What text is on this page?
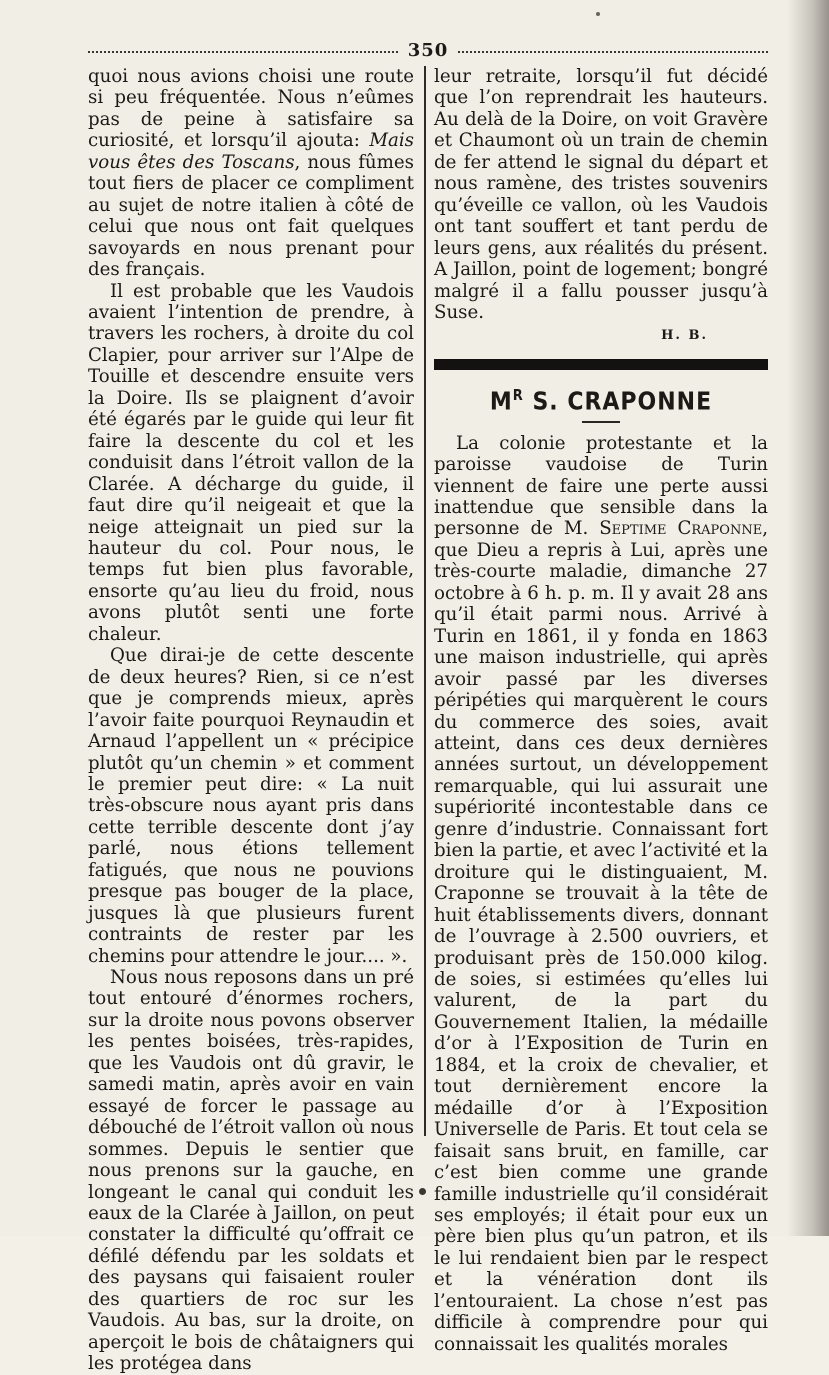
350

quoi nous avions choisi une route si peu fréquentée. Nous n’eûmes pas de peine à satisfaire sa curiosité, et lorsqu’il ajouta: Mais vous êtes des Toscans, nous fûmes tout fiers de placer ce compliment au sujet de notre italien à côté de celui que nous ont fait quelques savoyards en nous prenant pour des français.

Il est probable que les Vaudois avaient l’intention de prendre, à travers les rochers, à droite du col Clapier, pour arriver sur l’Alpe de Touille et descendre ensuite vers la Doire. Ils se plaignent d’avoir été égarés par le guide qui leur fit faire la descente du col et les conduisit dans l’étroit vallon de la Clarée. A décharge du guide, il faut dire qu’il neigeait et que la neige atteignait un pied sur la hauteur du col. Pour nous, le temps fut bien plus favorable, ensorte qu’au lieu du froid, nous avons plutôt senti une forte chaleur.

Que dirai-je de cette descente de deux heures? Rien, si ce n’est que je comprends mieux, après l’avoir faite pourquoi Reynaudin et Arnaud l’appellent un « précipice plutôt qu’un chemin » et comment le premier peut dire: « La nuit très-obscure nous ayant pris dans cette terrible descente dont j’ay parlé, nous étions tellement fatigués, que nous ne pouvions presque pas bouger de la place, jusques là que plusieurs furent contraints de rester par les chemins pour attendre le jour.... ».

Nous nous reposons dans un pré tout entouré d’énormes rochers, sur la droite nous povons observer les pentes boisées, très-rapides, que les Vaudois ont dû gravir, le samedi matin, après avoir en vain essayé de forcer le passage au débouché de l’étroit vallon où nous sommes. Depuis le sentier que nous prenons sur la gauche, en longeant le canal qui conduit les eaux de la Clarée à Jaillon, on peut constater la difficulté qu’offrait ce défilé défendu par les soldats et des paysans qui faisaient rouler des quartiers de roc sur les Vaudois. Au bas, sur la droite, on aperçoit le bois de châtaigners qui les protégea dans

leur retraite, lorsqu’il fut décidé que l’on reprendrait les hauteurs. Au delà de la Doire, on voit Gravère et Chaumont où un train de chemin de fer attend le signal du départ et nous ramène, des tristes souvenirs qu’éveille ce vallon, où les Vaudois ont tant souffert et tant perdu de leurs gens, aux réalités du présent. A Jaillon, point de logement; bongré malgré il a fallu pousser jusqu’à Suse.

H. B.
$M^R$ S. CRAPONNE

La colonie protestante et la paroisse vaudoise de Turin viennent de faire une perte aussi inattendue que sensible dans la personne de M. Septime Craponne, que Dieu a repris à Lui, après une très-courte maladie, dimanche 27 octobre à 6 h. p. m. Il y avait 28 ans qu’il était parmi nous. Arrivé à Turin en 1861, il y fonda en 1863 une maison industrielle, qui après avoir passé par les diverses péripéties qui marquèrent le cours du commerce des soies, avait atteint, dans ces deux dernières années surtout, un développement remarquable, qui lui assurait une supériorité incontestable dans ce genre d’industrie. Connaissant fort bien la partie, et avec l’activité et la droiture qui le distinguaient, M. Craponne se trouvait à la tête de huit établissements divers, donnant de l’ouvrage à 2.500 ouvriers, et produisant près de 150.000 kilog. de soies, si estimées qu’elles lui valurent, de la part du Gouvernement Italien, la médaille d’or à l’Exposition de Turin en 1884, et la croix de chevalier, et tout dernièrement encore la médaille d’or à l’Exposition Universelle de Paris. Et tout cela se faisait sans bruit, en famille, car c’est bien comme une grande famille industrielle qu’il considérait ses employés; il était pour eux un père bien plus qu’un patron, et ils le lui rendaient bien par le respect et la vénération dont ils l’entouraient. La chose n’est pas difficile à comprendre pour qui connaissait les qualités morales
